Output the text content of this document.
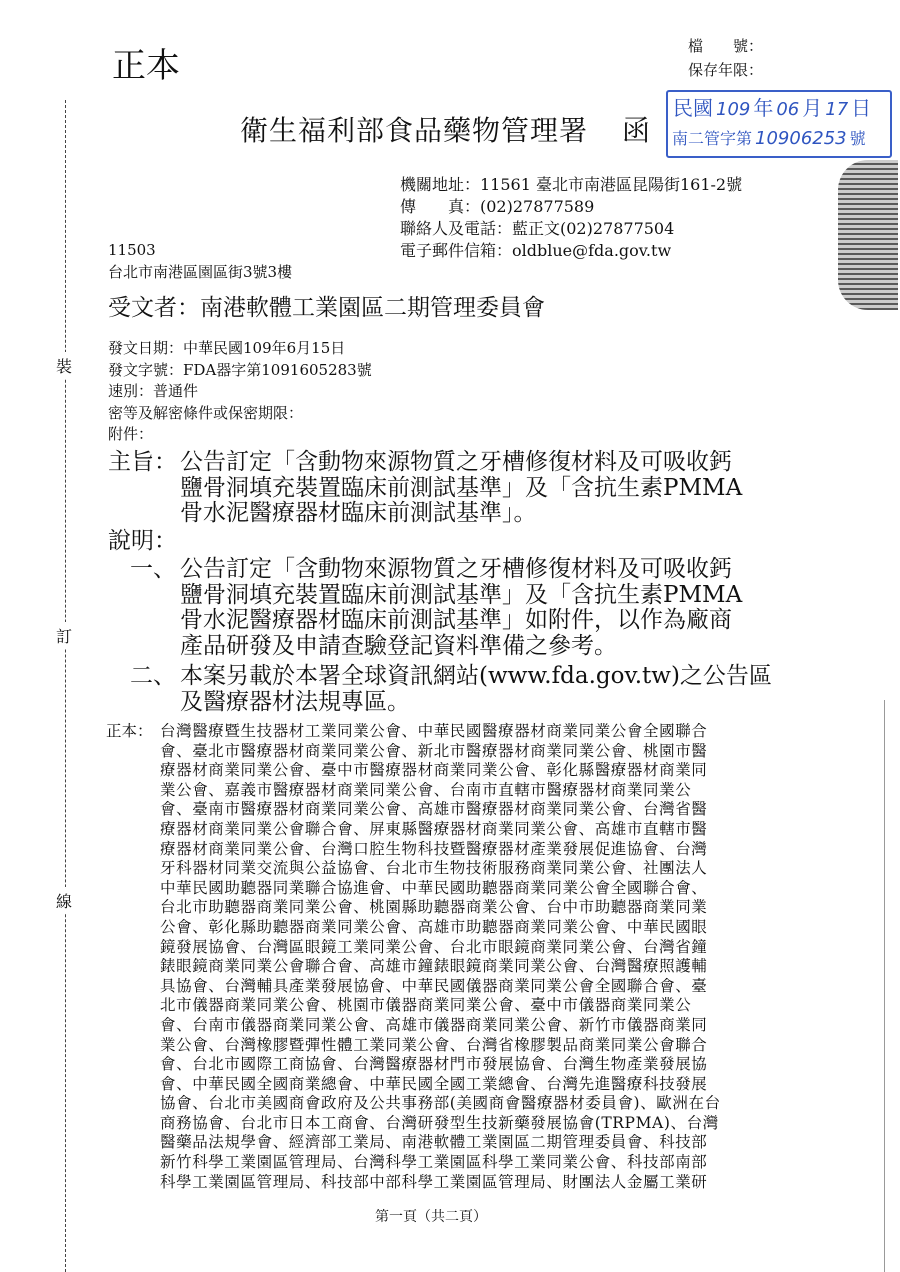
裝
訂
線
正本	檔　　號：
保存年限：
民國 109 年 06 月 17 日
南二管字第 10906253 號
衛生福利部食品藥物管理署 函
機關地址：11561 臺北市南港區昆陽街161-2號
傳　　真：(02)27877589
聯絡人及電話：藍正文(02)27877504
電子郵件信箱：oldblue@fda.gov.tw
11503
台北市南港區園區街3號3樓
受文者：南港軟體工業園區二期管理委員會
發文日期：中華民國109年6月15日
發文字號：FDA器字第1091605283號
速別：普通件
密等及解密條件或保密期限：
附件：
主旨： 公告訂定「含動物來源物質之牙槽修復材料及可吸收鈣
鹽骨洞填充裝置臨床前測試基準」及「含抗生素PMMA
骨水泥醫療器材臨床前測試基準」。
說明：
一、 公告訂定「含動物來源物質之牙槽修復材料及可吸收鈣
鹽骨洞填充裝置臨床前測試基準」及「含抗生素PMMA
骨水泥醫療器材臨床前測試基準」如附件，以作為廠商
產品研發及申請查驗登記資料準備之參考。
二、 本案另載於本署全球資訊網站(www.fda.gov.tw)之公告區
及醫療器材法規專區。
正本： 台灣醫療暨生技器材工業同業公會、中華民國醫療器材商業同業公會全國聯合
會、臺北市醫療器材商業同業公會、新北市醫療器材商業同業公會、桃園市醫
療器材商業同業公會、臺中市醫療器材商業同業公會、彰化縣醫療器材商業同
業公會、嘉義市醫療器材商業同業公會、台南市直轄市醫療器材商業同業公
會、臺南市醫療器材商業同業公會、高雄市醫療器材商業同業公會、台灣省醫
療器材商業同業公會聯合會、屏東縣醫療器材商業同業公會、高雄市直轄市醫
療器材商業同業公會、台灣口腔生物科技暨醫療器材產業發展促進協會、台灣
牙科器材同業交流與公益協會、台北市生物技術服務商業同業公會、社團法人
中華民國助聽器同業聯合協進會、中華民國助聽器商業同業公會全國聯合會、
台北市助聽器商業同業公會、桃園縣助聽器商業公會、台中市助聽器商業同業
公會、彰化縣助聽器商業同業公會、高雄市助聽器商業同業公會、中華民國眼
鏡發展協會、台灣區眼鏡工業同業公會、台北市眼鏡商業同業公會、台灣省鐘
錶眼鏡商業同業公會聯合會、高雄市鐘錶眼鏡商業同業公會、台灣醫療照護輔
具協會、台灣輔具產業發展協會、中華民國儀器商業同業公會全國聯合會、臺
北市儀器商業同業公會、桃園市儀器商業同業公會、臺中市儀器商業同業公
會、台南市儀器商業同業公會、高雄市儀器商業同業公會、新竹市儀器商業同
業公會、台灣橡膠暨彈性體工業同業公會、台灣省橡膠製品商業同業公會聯合
會、台北市國際工商協會、台灣醫療器材門市發展協會、台灣生物產業發展協
會、中華民國全國商業總會、中華民國全國工業總會、台灣先進醫療科技發展
協會、台北市美國商會政府及公共事務部(美國商會醫療器材委員會)、歐洲在台
商務協會、台北市日本工商會、台灣研發型生技新藥發展協會(TRPMA)、台灣
醫藥品法規學會、經濟部工業局、南港軟體工業園區二期管理委員會、科技部
新竹科學工業園區管理局、台灣科學工業園區科學工業同業公會、科技部南部
科學工業園區管理局、科技部中部科學工業園區管理局、財團法人金屬工業研
第一頁（共二頁）
